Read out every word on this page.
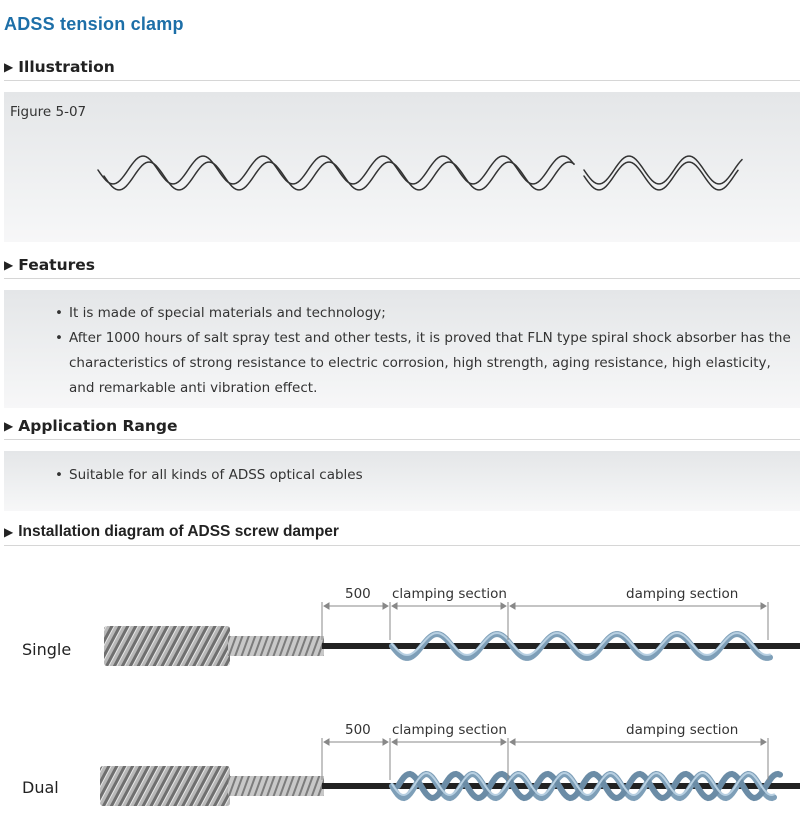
ADSS tension clamp
▶ Illustration
Figure 5-07
▶ Features
• It is made of special materials and technology;
• After 1000 hours of salt spray test and other tests, it is proved that FLN type spiral shock absorber has the characteristics of strong resistance to electric corrosion, high strength, aging resistance, high elasticity, and remarkable anti vibration effect.
▶ Application Range
• Suitable for all kinds of ADSS optical cables
▶ Installation diagram of ADSS screw damper
Single
500 clamping section	damping section
Dual
500 clamping section	damping section
